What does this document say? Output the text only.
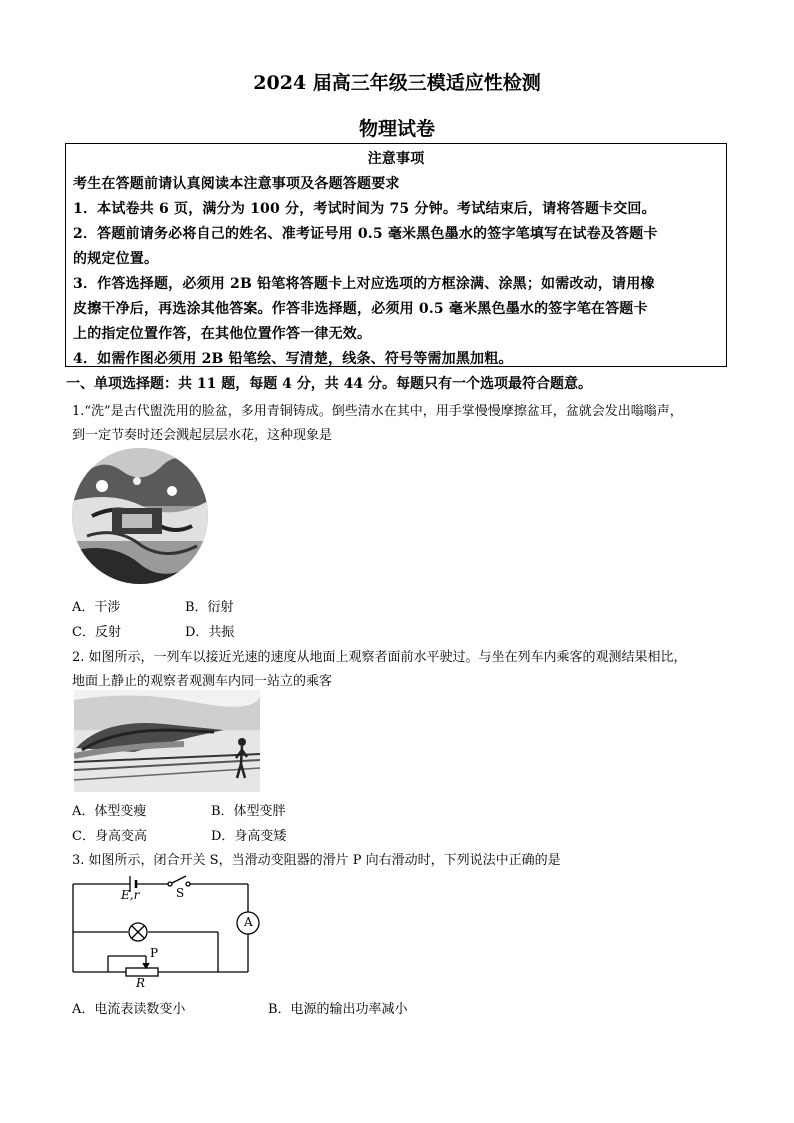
2024 届高三年级三模适应性检测
物理试卷
注意事项
考生在答题前请认真阅读本注意事项及各题答题要求
1．本试卷共 6 页，满分为 100 分，考试时间为 75 分钟。考试结束后，请将答题卡交回。
2．答题前请务必将自己的姓名、准考证号用 0.5 毫米黑色墨水的签字笔填写在试卷及答题卡
的规定位置。
3．作答选择题，必须用 2B 铅笔将答题卡上对应选项的方框涂满、涂黑；如需改动，请用橡
皮擦干净后，再选涂其他答案。作答非选择题，必须用 0.5 毫米黑色墨水的签字笔在答题卡
上的指定位置作答，在其他位置作答一律无效。
4．如需作图必须用 2B 铅笔绘、写清楚，线条、符号等需加黑加粗。
一、单项选择题：共 11 题，每题 4 分，共 44 分。每题只有一个选项最符合题意。
1.“洗”是古代盥洗用的脸盆，多用青铜铸成。倒些清水在其中，用手掌慢慢摩擦盆耳，盆就会发出嗡嗡声，
到一定节奏时还会溅起层层水花，这种现象是
A．干涉	B．衍射
C．反射	D．共振
2. 如图所示，一列车以接近光速的速度从地面上观察者面前水平驶过。与坐在列车内乘客的观测结果相比，
地面上静止的观察者观测车内同一站立的乘客
A．体型变瘦	B．体型变胖
C．身高变高	D．身高变矮
3. 如图所示，闭合开关 S，当滑动变阻器的滑片 P 向右滑动时，下列说法中正确的是
E,r	S
A
P
R
A．电流表读数变小	B．电源的输出功率减小
